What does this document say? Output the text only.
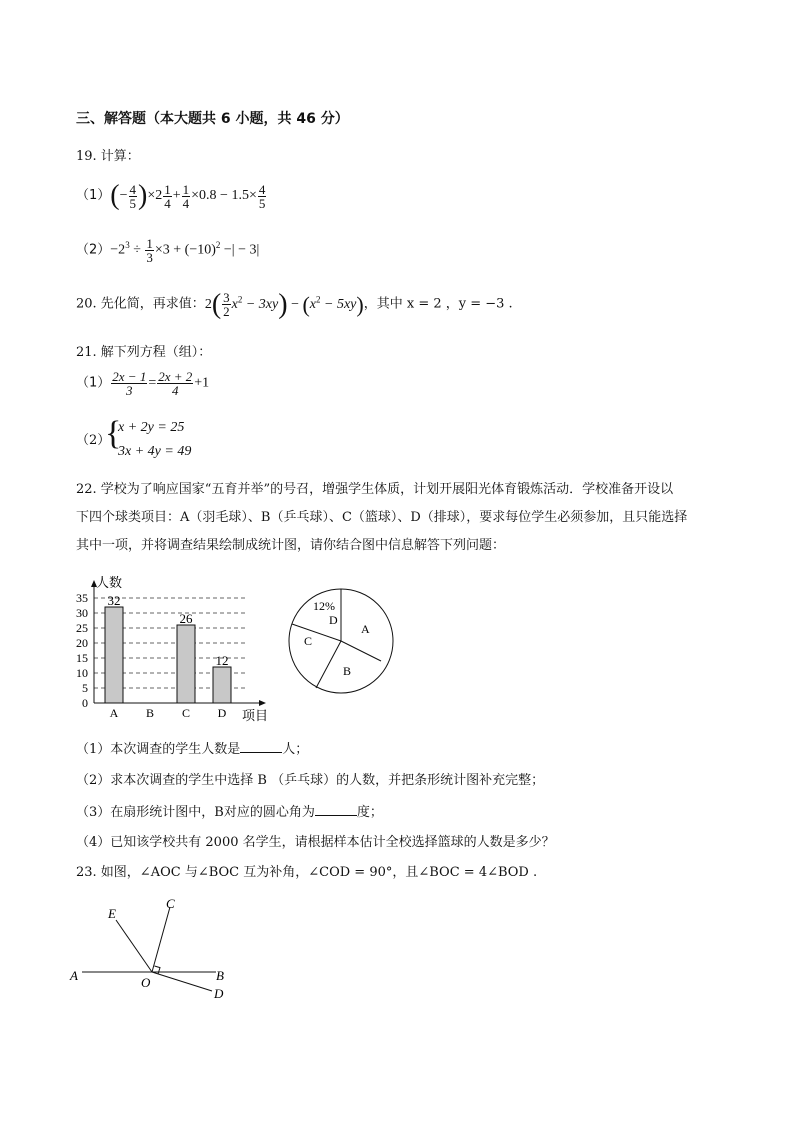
三、解答题（本大题共 6 小题，共 46 分）
19. 计算：
$(1)(- \frac{4}{5} )\times 2 \frac{1}{4} + \frac{1}{4} \times 0.8 - 1.5\times \frac{4}{5}$
$(2)-2^3 \div \frac{1}{3} \times 3 + (-10)^2$ −| − 3|
20. 先化简，再求值：$2( \frac{3}{2} x^2 - 3xy) - (x^2 - 5xy)$，其中 x = 2 ，y = −3 .
21. 解下列方程（组）：
$(1) \frac{2x - 1}{3} = \frac{2x + 2}{4} +1$
（2）
{
x + 2y = 25
3x + 4y = 49
22. 学校为了响应国家“五育并举”的号召，增强学生体质，计划开展阳光体育锻炼活动．学校准备开设以
下四个球类项目：A（羽毛球）、B（乒乓球）、C（篮球）、D（排球），要求每位学生必须参加，且只能选择
其中一项，并将调查结果绘制成统计图，请你结合图中信息解答下列问题：
人数
项目
32
26
12
0
5
10
15
20
25
30
35
A B C D
12%
D
A
C
B
（1）本次调查的学生人数是	人；
（2）求本次调查的学生中选择 B （乒乓球）的人数，并把条形统计图补充完整；
（3）在扇形统计图中，B对应的圆心角为	度；
（4）已知该学校共有 2000 名学生，请根据样本估计全校选择篮球的人数是多少？
23. 如图，∠AOC 与∠BOC 互为补角，∠COD = 90°，且∠BOC = 4∠BOD .
E
C
A	O	B
D
